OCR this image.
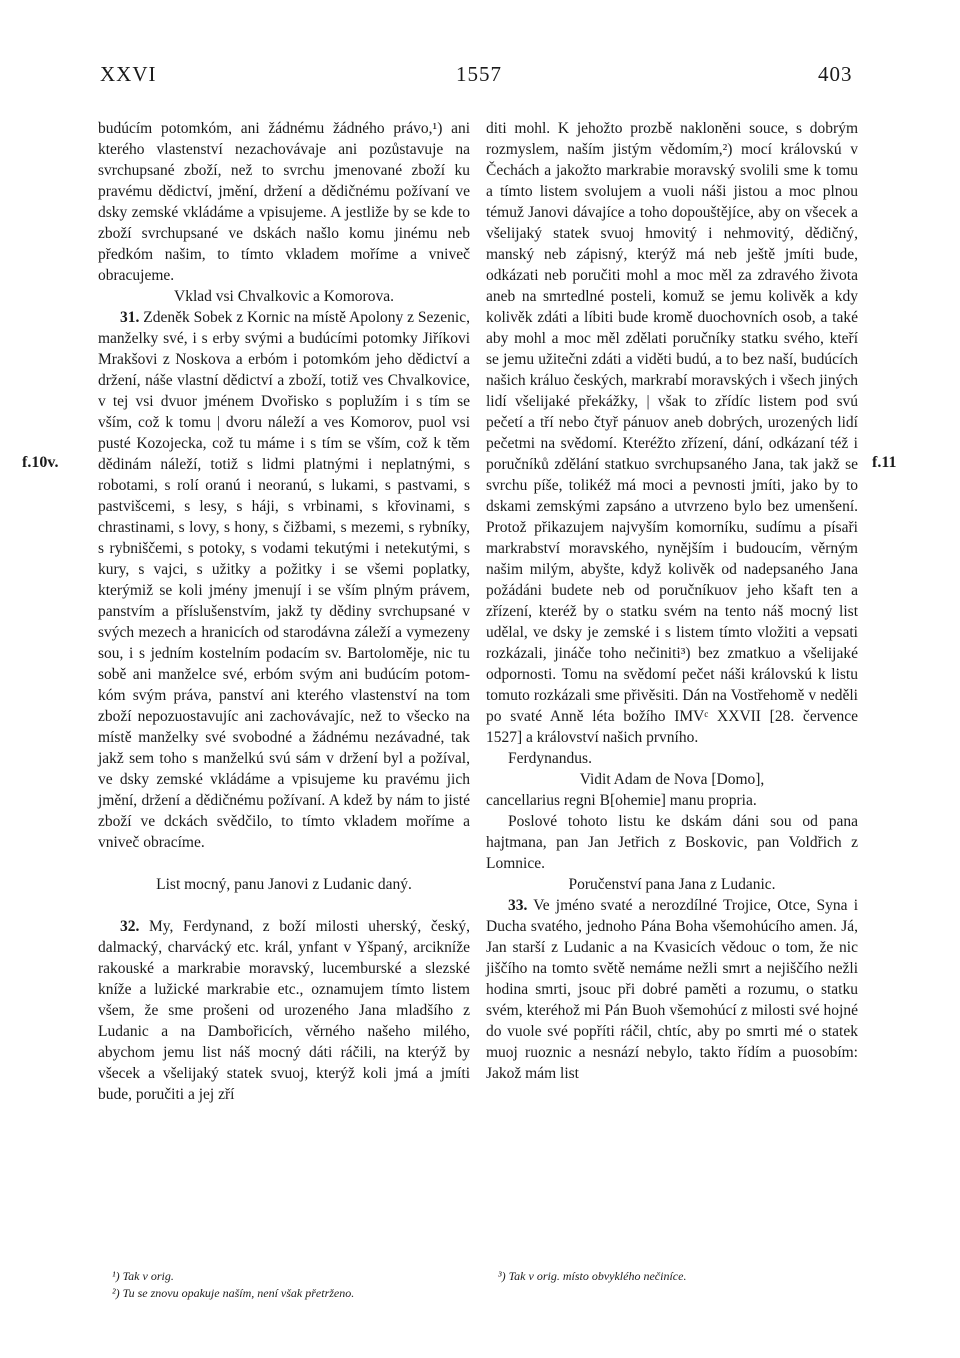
XXVI	1557	403

budúcím potomkóm, ani žádnému žádného právo,¹) ani kterého vlastenství nezachovávaje ani pozůstavuje na svrchupsané zboží, než to svrchu jmenované zboží ku pravému dědictví, jmění, držení a dědičnému požívaní ve dsky zemské vkládáme a vpisujeme. A jestliže by se kde to zboží svrchupsané ve dskách našlo komu jinému neb předkóm našim, to tímto vkladem moříme a vniveč obracujeme.

Vklad vsi Chvalkovic a Komorova.

31. Zdeněk Sobek z Kornic na místě Apolony z Sezenic, manželky své, i s erby svými a budúcími potomky Jiříkovi Mrakšovi z Noskova a erbóm i potomkóm jeho dědictví a držení, náše vlastní dědictví a zboží, totiž ves Chvalkovice, v tej vsi dvuor jménem Dvořisko s poplužím i s tím se vším, což k tomu | dvoru náleží a ves Komorov, puol vsi pusté Kozojecka, což tu máme i s tím se vším, což k těm dědinám náleží, totiž s lidmi platnými i neplatnými, s robotami, s rolí oranú i neoranú, s lukami, s pastvami, s pastvišcemi, s lesy, s háji, s vrbinami, s křovinami, s chrastinami, s lovy, s hony, s čižbami, s mezemi, s rybníky, s rybniščemi, s potoky, s vodami tekutými i netekutými, s kury, s vajci, s užitky a požitky i se všemi poplatky, kterýmiž se koli jmény jmenují i se vším plným právem, panstvím a příslušenstvím, jakž ty dědiny svrchupsané v svých mezech a hranicích od starodávna záleží a vymezeny sou, i s jedním kostelním podacím sv. Bartoloměje, nic tu sobě ani manželce své, erbóm svým ani budúcím potomkóm svým práva, panství ani kterého vlastenství na tom zboží nepozuostavujíc ani zachovávajíc, než to všecko na místě manželky své svobodné a žádnému nezávadné, tak jakž sem toho s manželkú svú sám v držení byl a požíval, ve dsky zemské vkládáme a vpisujeme ku pravému jich jmění, držení a dědičnému požívaní. A kdež by nám to jisté zboží ve dckách svědčilo, to tímto vkladem moříme a vniveč obracíme.

List mocný, panu Janovi z Ludanic daný.

32. My, Ferdynand, z boží milosti uherský, český, dalmacký, charvácký etc. král, ynfant v Yšpaný, arcikníže rakouské a markrabie moravský, lucemburské a slezské kníže a lužické markrabie etc., oznamujem tímto listem všem, že sme prošeni od urozeného Jana mladšího z Ludanic a na Dambořicích, věrného našeho milého, abychom jemu list náš mocný dáti ráčili, na kterýž by všecek a všelijaký statek svuoj, kterýž koli jmá a jmíti bude, poručiti a jej zří

f.10v.	f.11

diti mohl. K jehožto prozbě nakloněni souce, s dobrým rozmyslem, naším jistým vědomím,²) mocí královskú v Čechách a jakožto markrabie moravský svolili sme k tomu a tímto listem svolujem a vuoli náši jistou a moc plnou témuž Janovi dávajíce a toho dopouštějíce, aby on všecek a všelijaký statek svuoj hmovitý i nehmovitý, dědičný, manský neb zápisný, kterýž má neb ještě jmíti bude, odkázati neb poručiti mohl a moc měl za zdravého života aneb na smrtedlné posteli, komuž se jemu kolivěk a kdy kolivěk zdáti a líbiti bude kromě duochovních osob, a také aby mohl a moc měl zdělati poručníky statku svého, kteří se jemu užitečni zdáti a viděti budú, a to bez naší, budúcích našich králuo českých, markrabí moravských i všech jiných lidí všelijaké překážky, | však to zřídíc listem pod svú pečetí a tří nebo čtyř pánuov aneb dobrých, urozených lidí pečetmi na svědomí. Kteréžto zřízení, dání, odkázaní též i poručníků zdělání statkuo svrchupsaného Jana, tak jakž se svrchu píše, tolikéž má moci a pevnosti jmíti, jako by to dskami zemskými zapsáno a utvrzeno bylo bez umenšení. Protož přikazujem najvyším komorníku, sudímu a písaři markrabství moravského, nynějším i budoucím, věrným našim milým, abyšte, když kolivěk od nadepsaného Jana požádáni budete neb od poručníkuov jeho kšaft ten a zřízení, kteréž by o statku svém na tento náš mocný list udělal, ve dsky je zemské i s listem tímto vložiti a vepsati rozkázali, jináče toho nečiniti³) bez zmatkuo a všelijaké odpornosti. Tomu na svědomí pečet náši královskú k listu tomuto rozkázali sme přivěsiti. Dán na Vostřehomě v neděli po svaté Anně léta božího IMVᶜ XXVII [28. července 1527] a království našich prvního.

Ferdynandus.

Vidit Adam de Nova [Domo],

cancellarius regni B[ohemie] manu propria.

Poslové tohoto listu ke dskám dáni sou od pana hajtmana, pan Jan Jetřich z Boskovic, pan Voldřich z Lomnice.

Poručenství pana Jana z Ludanic.

33. Ve jméno svaté a nerozdílné Trojice, Otce, Syna i Ducha svatého, jednoho Pána Boha všemohúcího amen. Já, Jan starší z Ludanic a na Kvasicích vědouc o tom, že nic jiščího na tomto světě nemáme nežli smrt a nejiščího nežli hodina smrti, jsouc při dobré paměti a rozumu, o statku svém, kteréhož mi Pán Buoh všemohúcí z milosti své hojné do vuole své popříti ráčil, chtíc, aby po smrti mé o statek muoj ruoznic a nesnází nebylo, takto řídím a puosobím: Jakož mám list

¹) Tak v orig.

²) Tu se znovu opakuje naším, není však přetrženo.

³) Tak v orig. místo obvyklého nečiníce.
